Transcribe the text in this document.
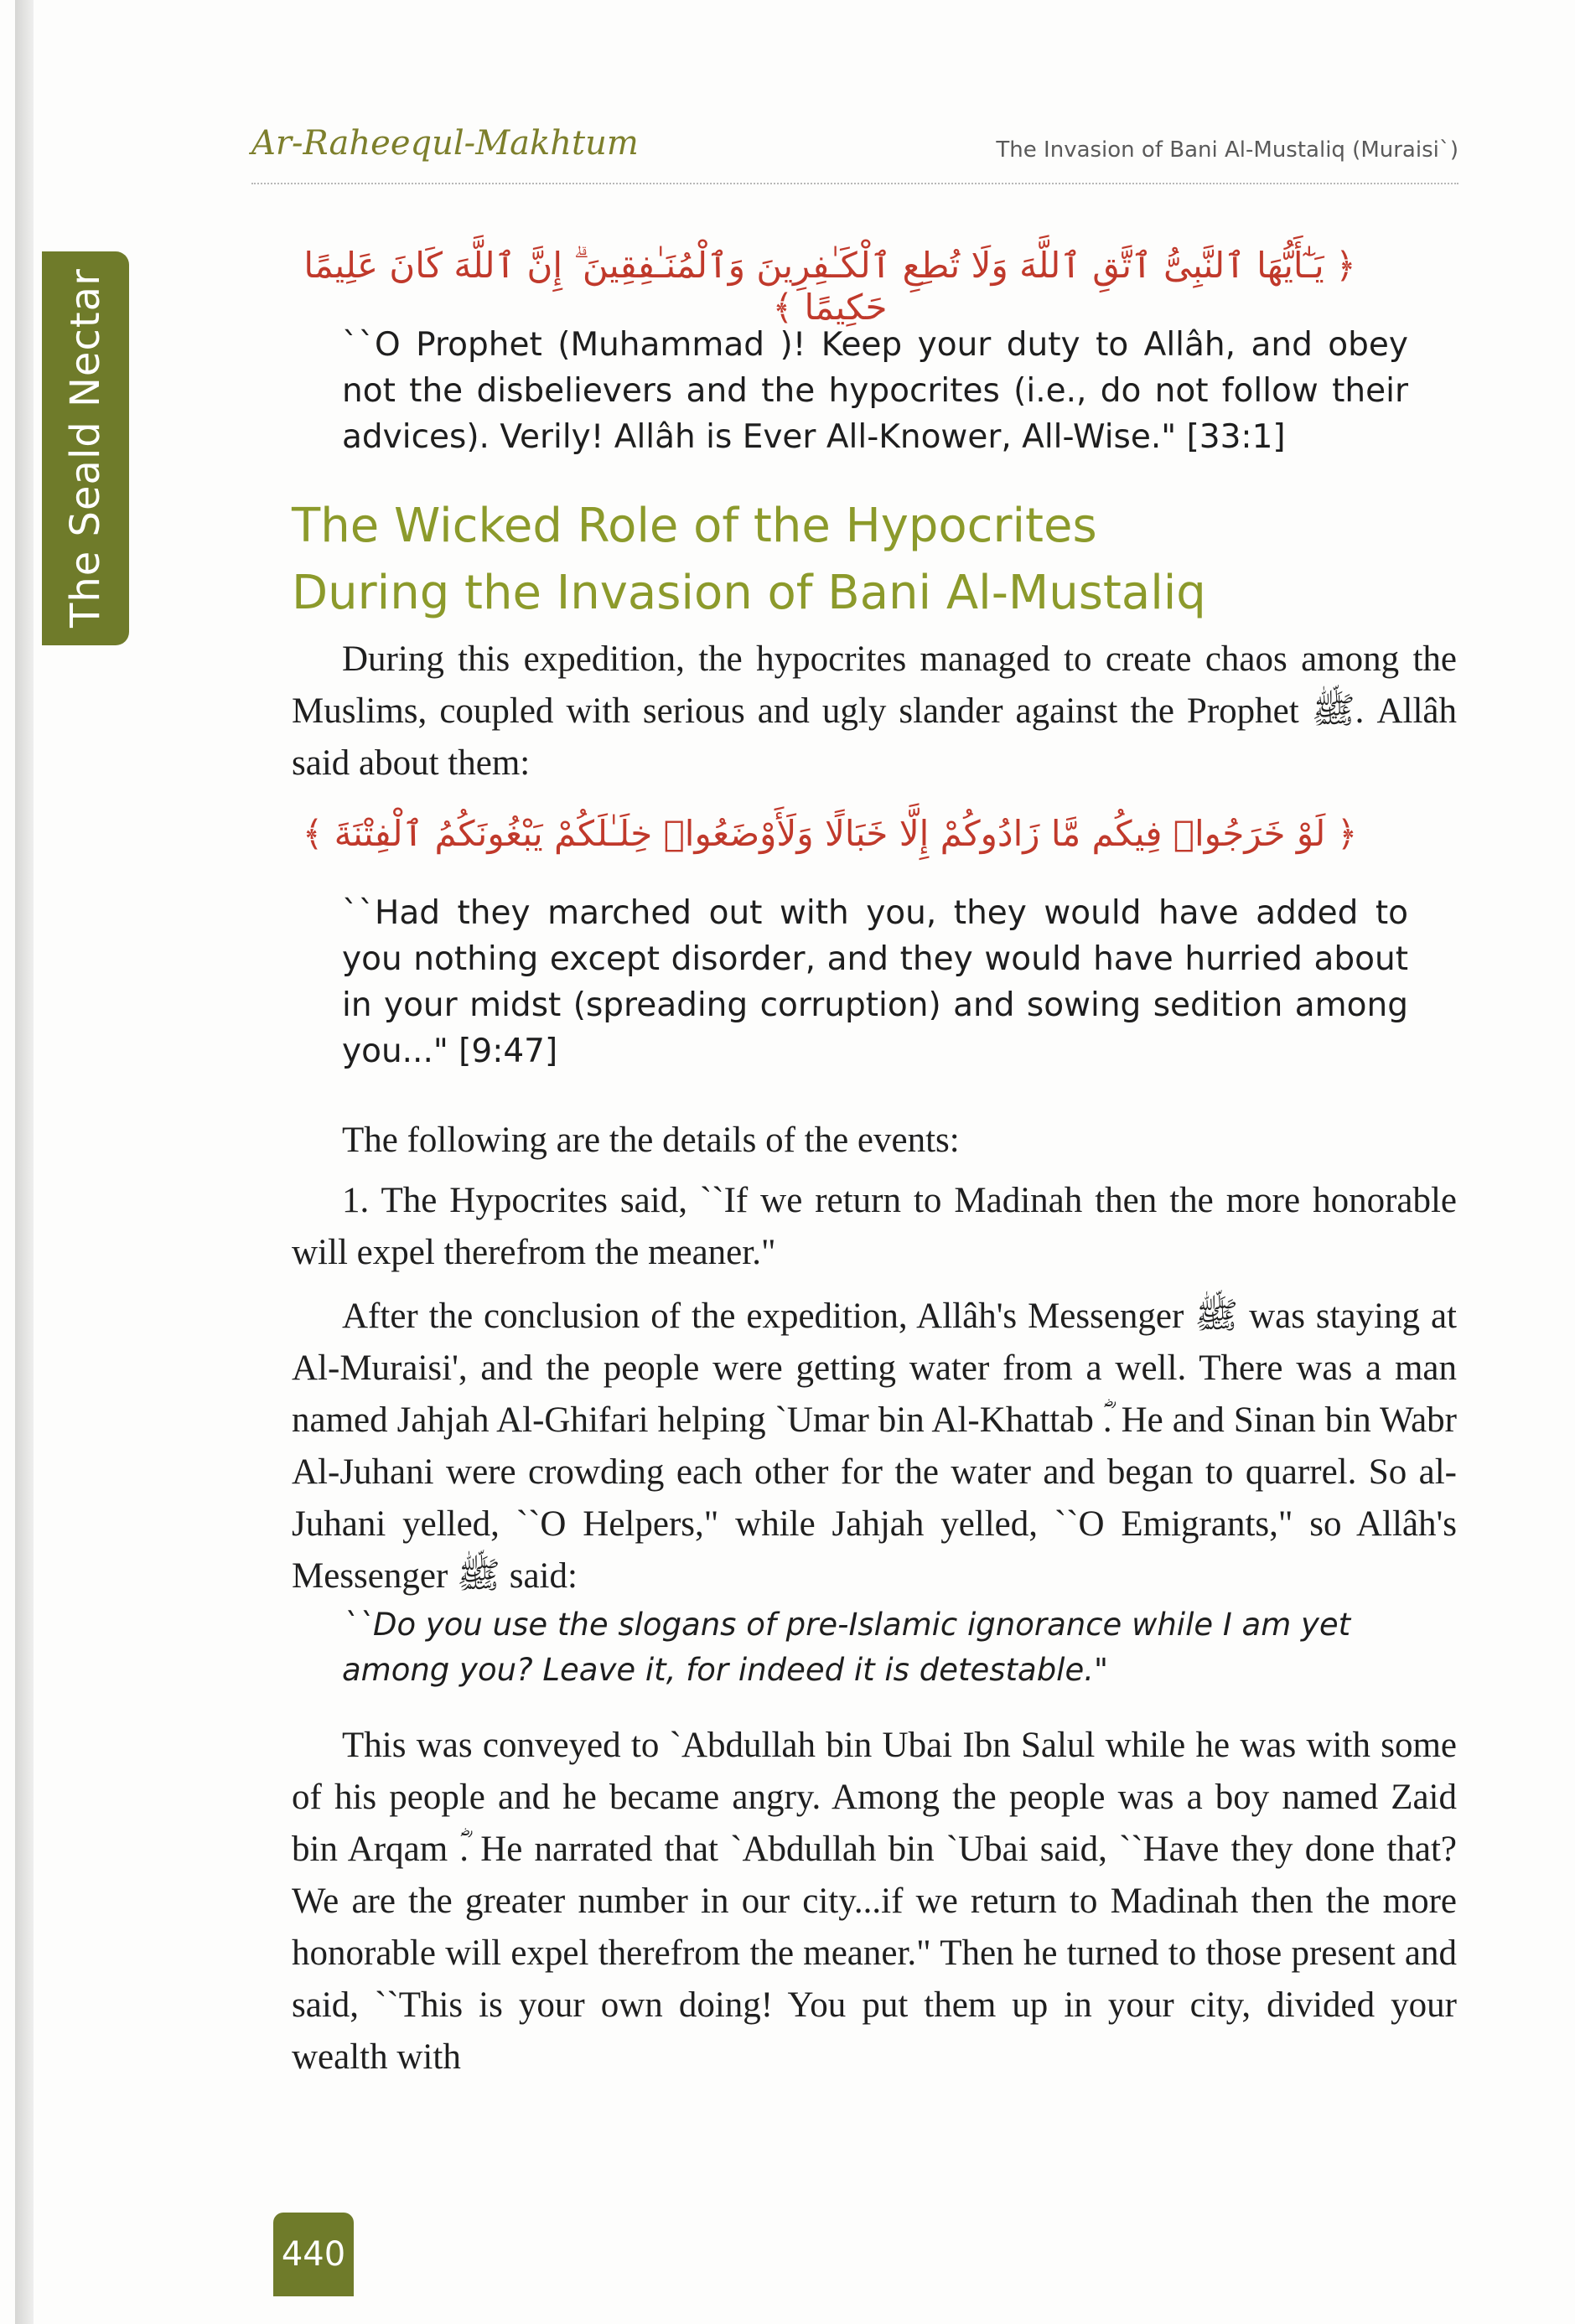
The Seald Nectar
Ar-Raheequl-Makhtum	The Invasion of Bani Al-Mustaliq (Muraisi`)
﴿ يَـٰٓأَيُّهَا ٱلنَّبِىُّ ٱتَّقِ ٱللَّهَ وَلَا تُطِعِ ٱلْكَـٰفِرِينَ وَٱلْمُنَـٰفِقِينَ ۗ إِنَّ ٱللَّهَ كَانَ عَلِيمًا حَكِيمًا ﴾
``O Prophet (Muhammad )! Keep your duty to Allâh, and obey not the disbelievers and the hypocrites (i.e., do not follow their advices). Verily! Allâh is Ever All-Knower, All-Wise." [33:1]
The Wicked Role of the Hypocrites
During the Invasion of Bani Al-Mustaliq

During this expedition, the hypocrites managed to create chaos among the Muslims, coupled with serious and ugly slander against the Prophet ﷺ. Allâh said about them:

﴿ لَوْ خَرَجُوا۟ فِيكُم مَّا زَادُوكُمْ إِلَّا خَبَالًا وَلَأَوْضَعُوا۟ خِلَـٰلَكُمْ يَبْغُونَكُمُ ٱلْفِتْنَةَ ﴾
``Had they marched out with you, they would have added to you nothing except disorder, and they would have hurried about in your midst (spreading corruption) and sowing sedition among you..." [9:47]

The following are the details of the events:

1. The Hypocrites said, ``If we return to Madinah then the more honorable will expel therefrom the meaner."

After the conclusion of the expedition, Allâh's Messenger ﷺ was staying at Al-Muraisi', and the people were getting water from a well. There was a man named Jahjah Al-Ghifari helping `Umar bin Al-Khattab ؓ. He and Sinan bin Wabr Al-Juhani were crowding each other for the water and began to quarrel. So al-Juhani yelled, ``O Helpers," while Jahjah yelled, ``O Emigrants," so Allâh's Messenger ﷺ said:

``Do you use the slogans of pre-Islamic ignorance while I am yet among you? Leave it, for indeed it is detestable."

This was conveyed to `Abdullah bin Ubai Ibn Salul while he was with some of his people and he became angry. Among the people was a boy named Zaid bin Arqam ؓ. He narrated that `Abdullah bin `Ubai said, ``Have they done that? We are the greater number in our city...if we return to Madinah then the more honorable will expel therefrom the meaner." Then he turned to those present and said, ``This is your own doing! You put them up in your city, divided your wealth with

440
